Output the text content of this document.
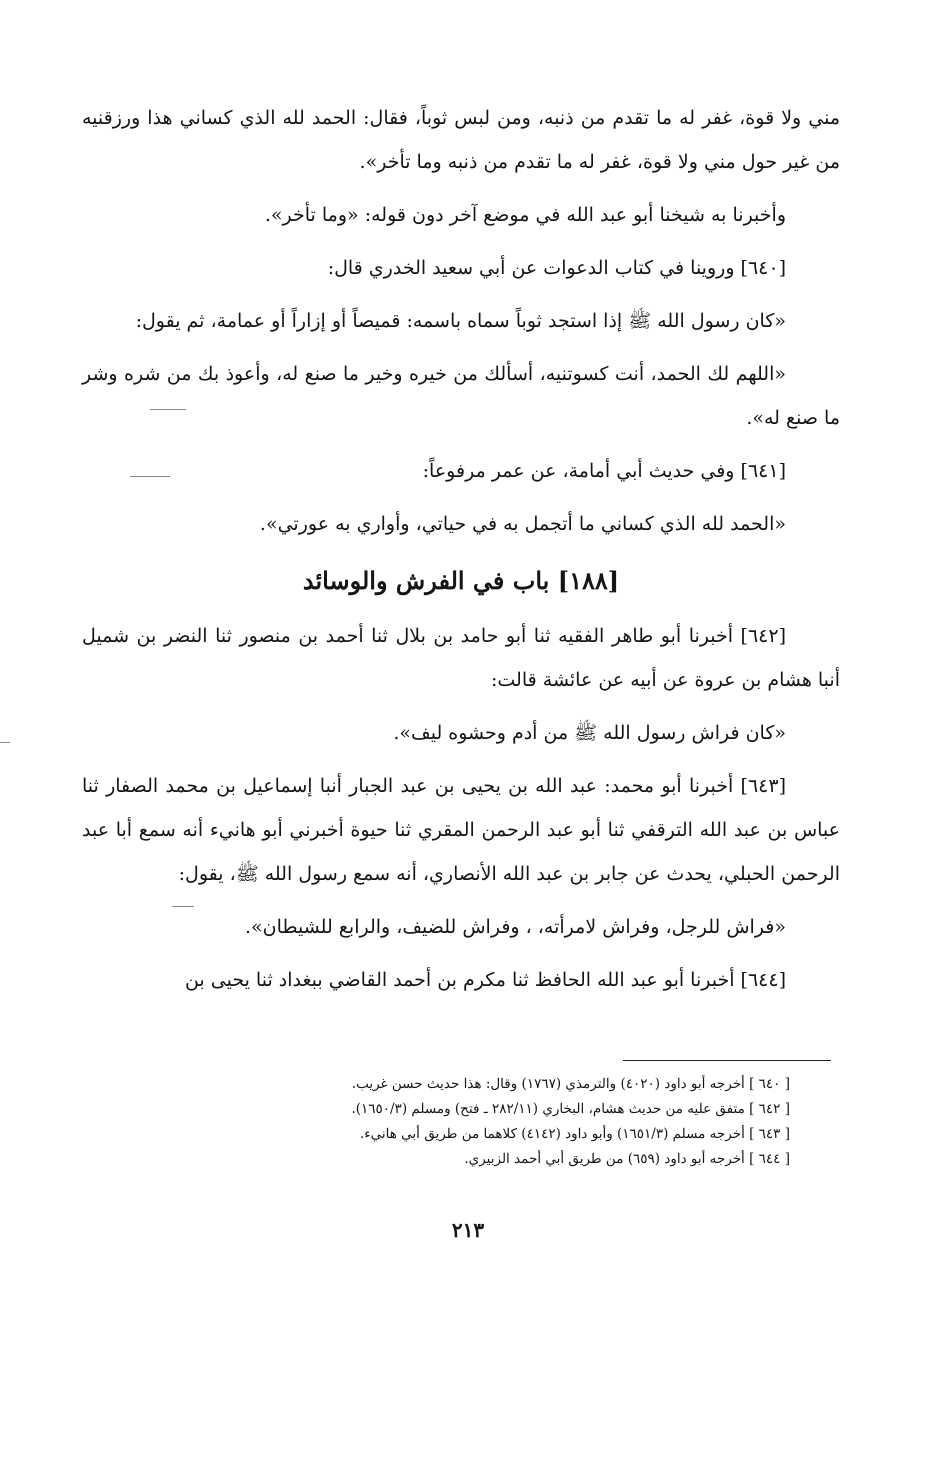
مني ولا قوة، غفر له ما تقدم من ذنبه، ومن لبس ثوباً، فقال: الحمد لله الذي كساني هذا ورزقنيه من غير حول مني ولا قوة، غفر له ما تقدم من ذنبه وما تأخر».

وأخبرنا به شيخنا أبو عبد الله في موضع آخر دون قوله: «وما تأخر».

[٦٤٠] وروينا في كتاب الدعوات عن أبي سعيد الخدري قال:

«كان رسول الله ﷺ إذا استجد ثوباً سماه باسمه: قميصاً أو إزاراً أو عمامة، ثم يقول:

«اللهم لك الحمد، أنت كسوتنيه، أسألك من خيره وخير ما صنع له، وأعوذ بك من شره وشر ما صنع له».

[٦٤١] وفي حديث أبي أمامة، عن عمر مرفوعاً:

«الحمد لله الذي كساني ما أتجمل به في حياتي، وأواري به عورتي».

[١٨٨] باب في الفرش والوسائد

[٦٤٢] أخبرنا أبو طاهر الفقيه ثنا أبو حامد بن بلال ثنا أحمد بن منصور ثنا النضر بن شميل أنبا هشام بن عروة عن أبيه عن عائشة قالت:

«كان فراش رسول الله ﷺ من أدم وحشوه ليف».

[٦٤٣] أخبرنا أبو محمد: عبد الله بن يحيى بن عبد الجبار أنبا إسماعيل بن محمد الصفار ثنا عباس بن عبد الله الترقفي ثنا أبو عبد الرحمن المقري ثنا حيوة أخبرني أبو هانيء أنه سمع أبا عبد الرحمن الحبلي، يحدث عن جابر بن عبد الله الأنصاري، أنه سمع رسول الله ﷺ، يقول:

«فراش للرجل، وفراش لامرأته، ، وفراش للضيف، والرابع للشيطان».

[٦٤٤] أخبرنا أبو عبد الله الحافظ ثنا مكرم بن أحمد القاضي ببغداد ثنا يحيى بن

[ ٦٤٠ ] أخرجه أبو داود (٤٠٢٠) والترمذي (١٧٦٧) وقال: هذا حديث حسن غريب.

[ ٦٤٢ ] متفق عليه من حديث هشام، البخاري (٢٨٢/١١ ـ فتح) ومسلم (١٦٥٠/٣).

[ ٦٤٣ ] أخرجه مسلم (١٦٥١/٣) وأبو داود (٤١٤٢) كلاهما من طريق أبي هانيء.

[ ٦٤٤ ] أخرجه أبو داود (٦٥٩) من طريق أبي أحمد الزبيري.

٢١٣
